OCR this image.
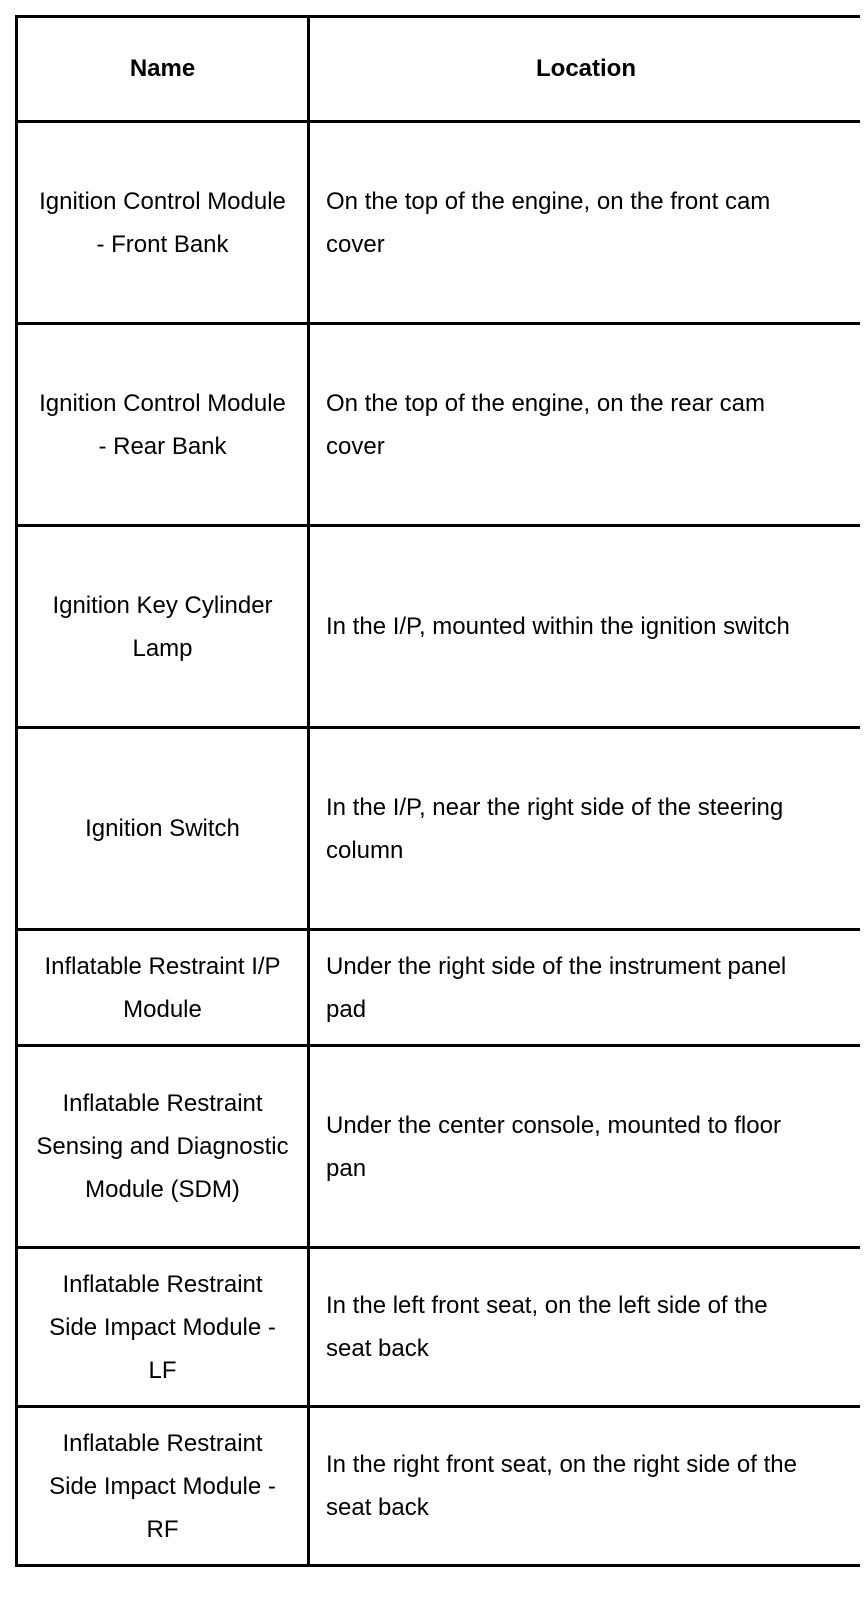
Name	Location
Ignition Control Module - Front Bank	On the top of the engine, on the front cam cover
Ignition Control Module - Rear Bank	On the top of the engine, on the rear cam cover
Ignition Key Cylinder Lamp	In the I/P, mounted within the ignition switch
Ignition Switch	In the I/P, near the right side of the steering column
Inflatable Restraint I/P Module	Under the right side of the instrument panel pad
Inflatable Restraint Sensing and Diagnostic Module (SDM)	Under the center console, mounted to floor pan
Inflatable Restraint Side Impact Module - LF	In the left front seat, on the left side of the seat back
Inflatable Restraint Side Impact Module - RF	In the right front seat, on the right side of the seat back
